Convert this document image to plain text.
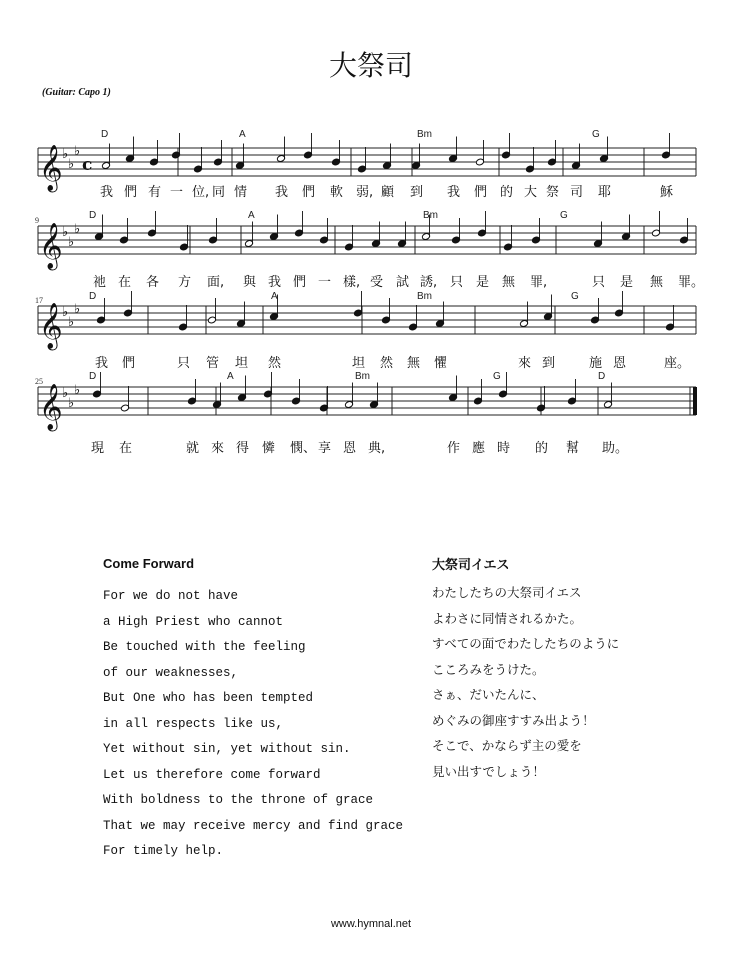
大祭司
(Guitar: Capo 1)
𝄞 ♭
♭
♭
c
D	A	Bm	G
我 們 有 一 位, 同 情 我 們 軟 弱, 顧 到 我 們 的 大 祭 司 耶	穌
𝄞 ♭
♭
♭
9	D	A	Bm	G
祂 在 各 方 面, 與 我 們 一 樣, 受 試 誘, 只 是 無 罪,	只 是 無 罪。
𝄞 ♭
♭
♭
17	D	A	Bm	G
我 們	只 管 坦 然	坦 然 無 懼	來 到	施 恩	座。
𝄞 ♭
♭
♭
25	D	A	Bm	G	D
現 在	就 來 得 憐 憫、 享 恩 典,	作 應 時 的 幫 助。
Come Forward
For we do not have
a High Priest who cannot
Be touched with the feeling
of our weaknesses,
But One who has been tempted
in all respects like us,
Yet without sin, yet without sin.
Let us therefore come forward
With boldness to the throne of grace
That we may receive mercy and find grace
For timely help.
大祭司イエス
わたしたちの大祭司イエス
よわさに同情されるかた。
すべての面でわたしたちのように
こころみをうけた。
さぁ、だいたんに、
めぐみの御座すすみ出よう！
そこで、かならず主の愛を
見い出すでしょう！
www.hymnal.net
